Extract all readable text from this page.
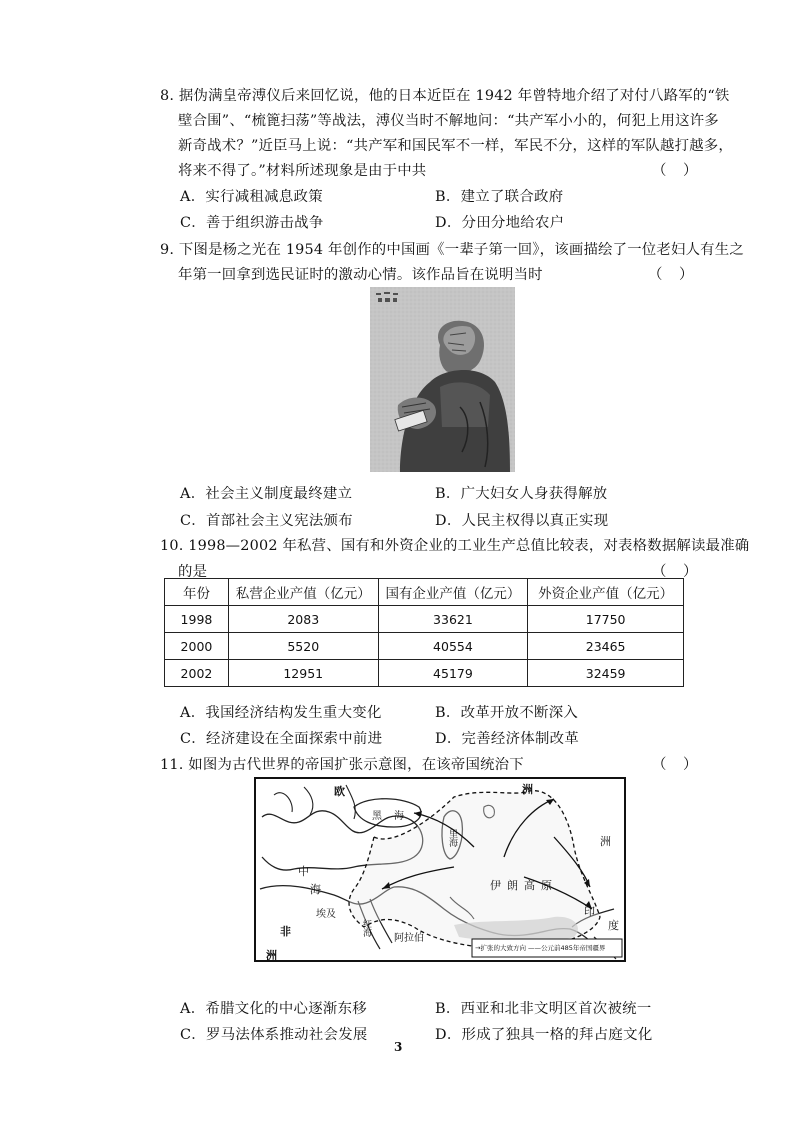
8. 据伪满皇帝溥仪后来回忆说，他的日本近臣在 1942 年曾特地介绍了对付八路军的“铁
壁合围”、“梳篦扫荡”等战法，溥仪当时不解地问：“共产军小小的，何犯上用这许多
新奇战术？”近臣马上说：“共产军和国民军不一样，军民不分，这样的军队越打越多，
将来不得了。”材料所述现象是由于中共	（ ）
A．实行减租减息政策	B．建立了联合政府
C．善于组织游击战争	D．分田分地给农户
9. 下图是杨之光在 1954 年创作的中国画《一辈子第一回》，该画描绘了一位老妇人有生之
年第一回拿到选民证时的激动心情。该作品旨在说明当时	（ ）
A．社会主义制度最终建立	B．广大妇女人身获得解放
C．首部社会主义宪法颁布	D．人民主权得以真正实现
10. 1998—2002 年私营、国有和外资企业的工业生产总值比较表，对表格数据解读最准确
的是	（ ）
年份	私营企业产值（亿元）	国有企业产值（亿元）	外资企业产值（亿元）
1998	2083	33621	17750
2000	5520	40554	23465
2002	12951	45179	32459
A．我国经济结构发生重大变化	B．改革开放不断深入
C．经济建设在全面探索中前进	D．完善经济体制改革
11. 如图为古代世界的帝国扩张示意图，在该帝国统治下	（ ）
欧	洲
黑 海
里海
中
海
埃及
非
洲
红海
阿拉伯
伊朗高原
印
度
洲
→扩张的大致方向 ——公元前485年帝国疆界
A．希腊文化的中心逐渐东移	B．西亚和北非文明区首次被统一
C．罗马法体系推动社会发展	D．形成了独具一格的拜占庭文化
3
